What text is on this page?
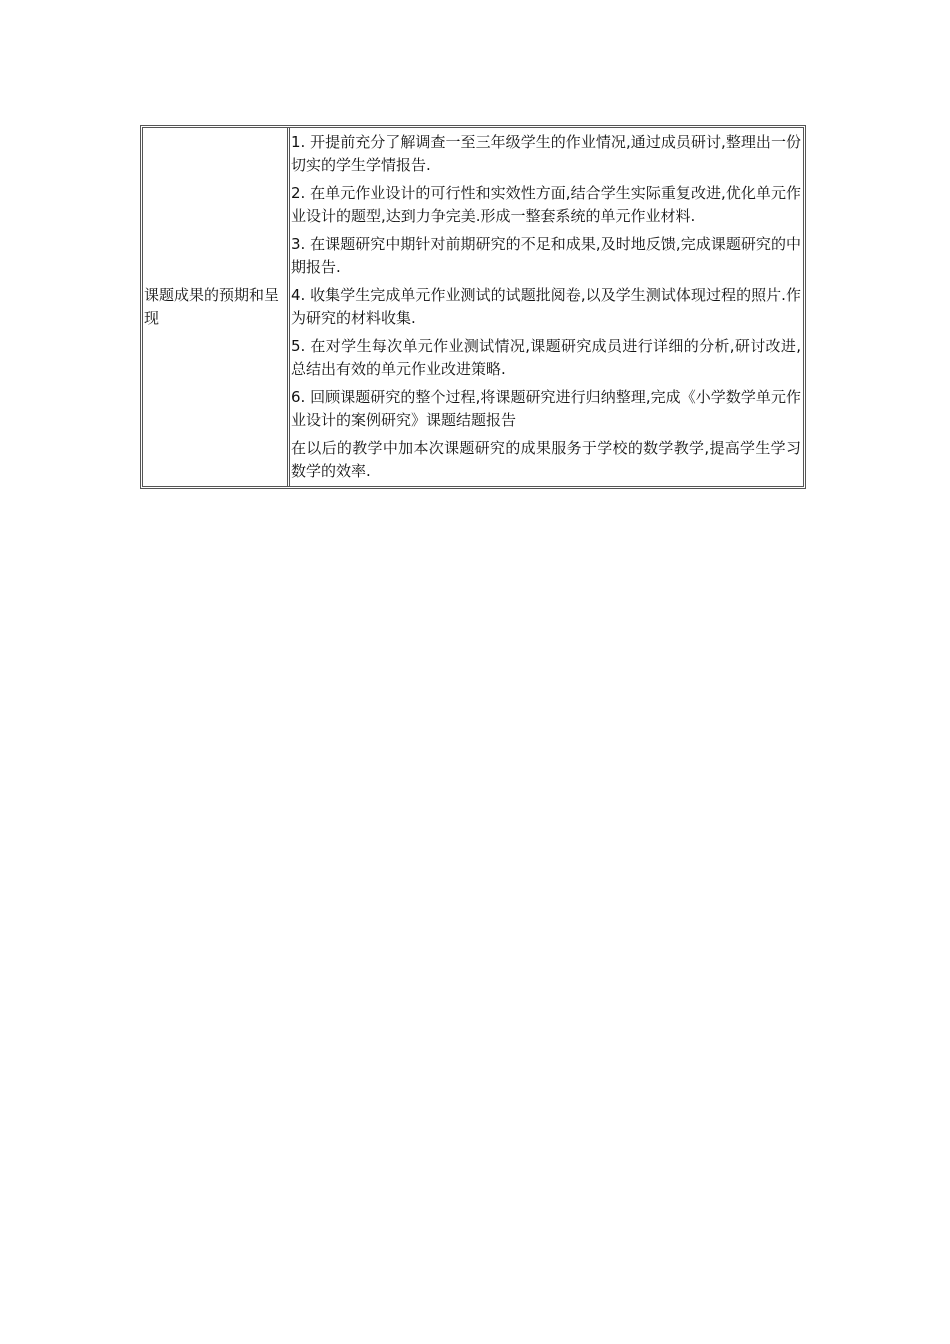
课题成果的预期和呈现	

1. 开提前充分了解调查一至三年级学生的作业情况,通过成员研讨,整理出一份切实的学生学情报告.

2. 在单元作业设计的可行性和实效性方面,结合学生实际重复改进,优化单元作业设计的题型,达到力争完美.形成一整套系统的单元作业材料.

3. 在课题研究中期针对前期研究的不足和成果,及时地反馈,完成课题研究的中期报告.

4. 收集学生完成单元作业测试的试题批阅卷,以及学生测试体现过程的照片.作为研究的材料收集.

5. 在对学生每次单元作业测试情况,课题研究成员进行详细的分析,研讨改进,总结出有效的单元作业改进策略.

6. 回顾课题研究的整个过程,将课题研究进行归纳整理,完成《小学数学单元作业设计的案例研究》课题结题报告

在以后的教学中加本次课题研究的成果服务于学校的数学教学,提高学生学习数学的效率.
